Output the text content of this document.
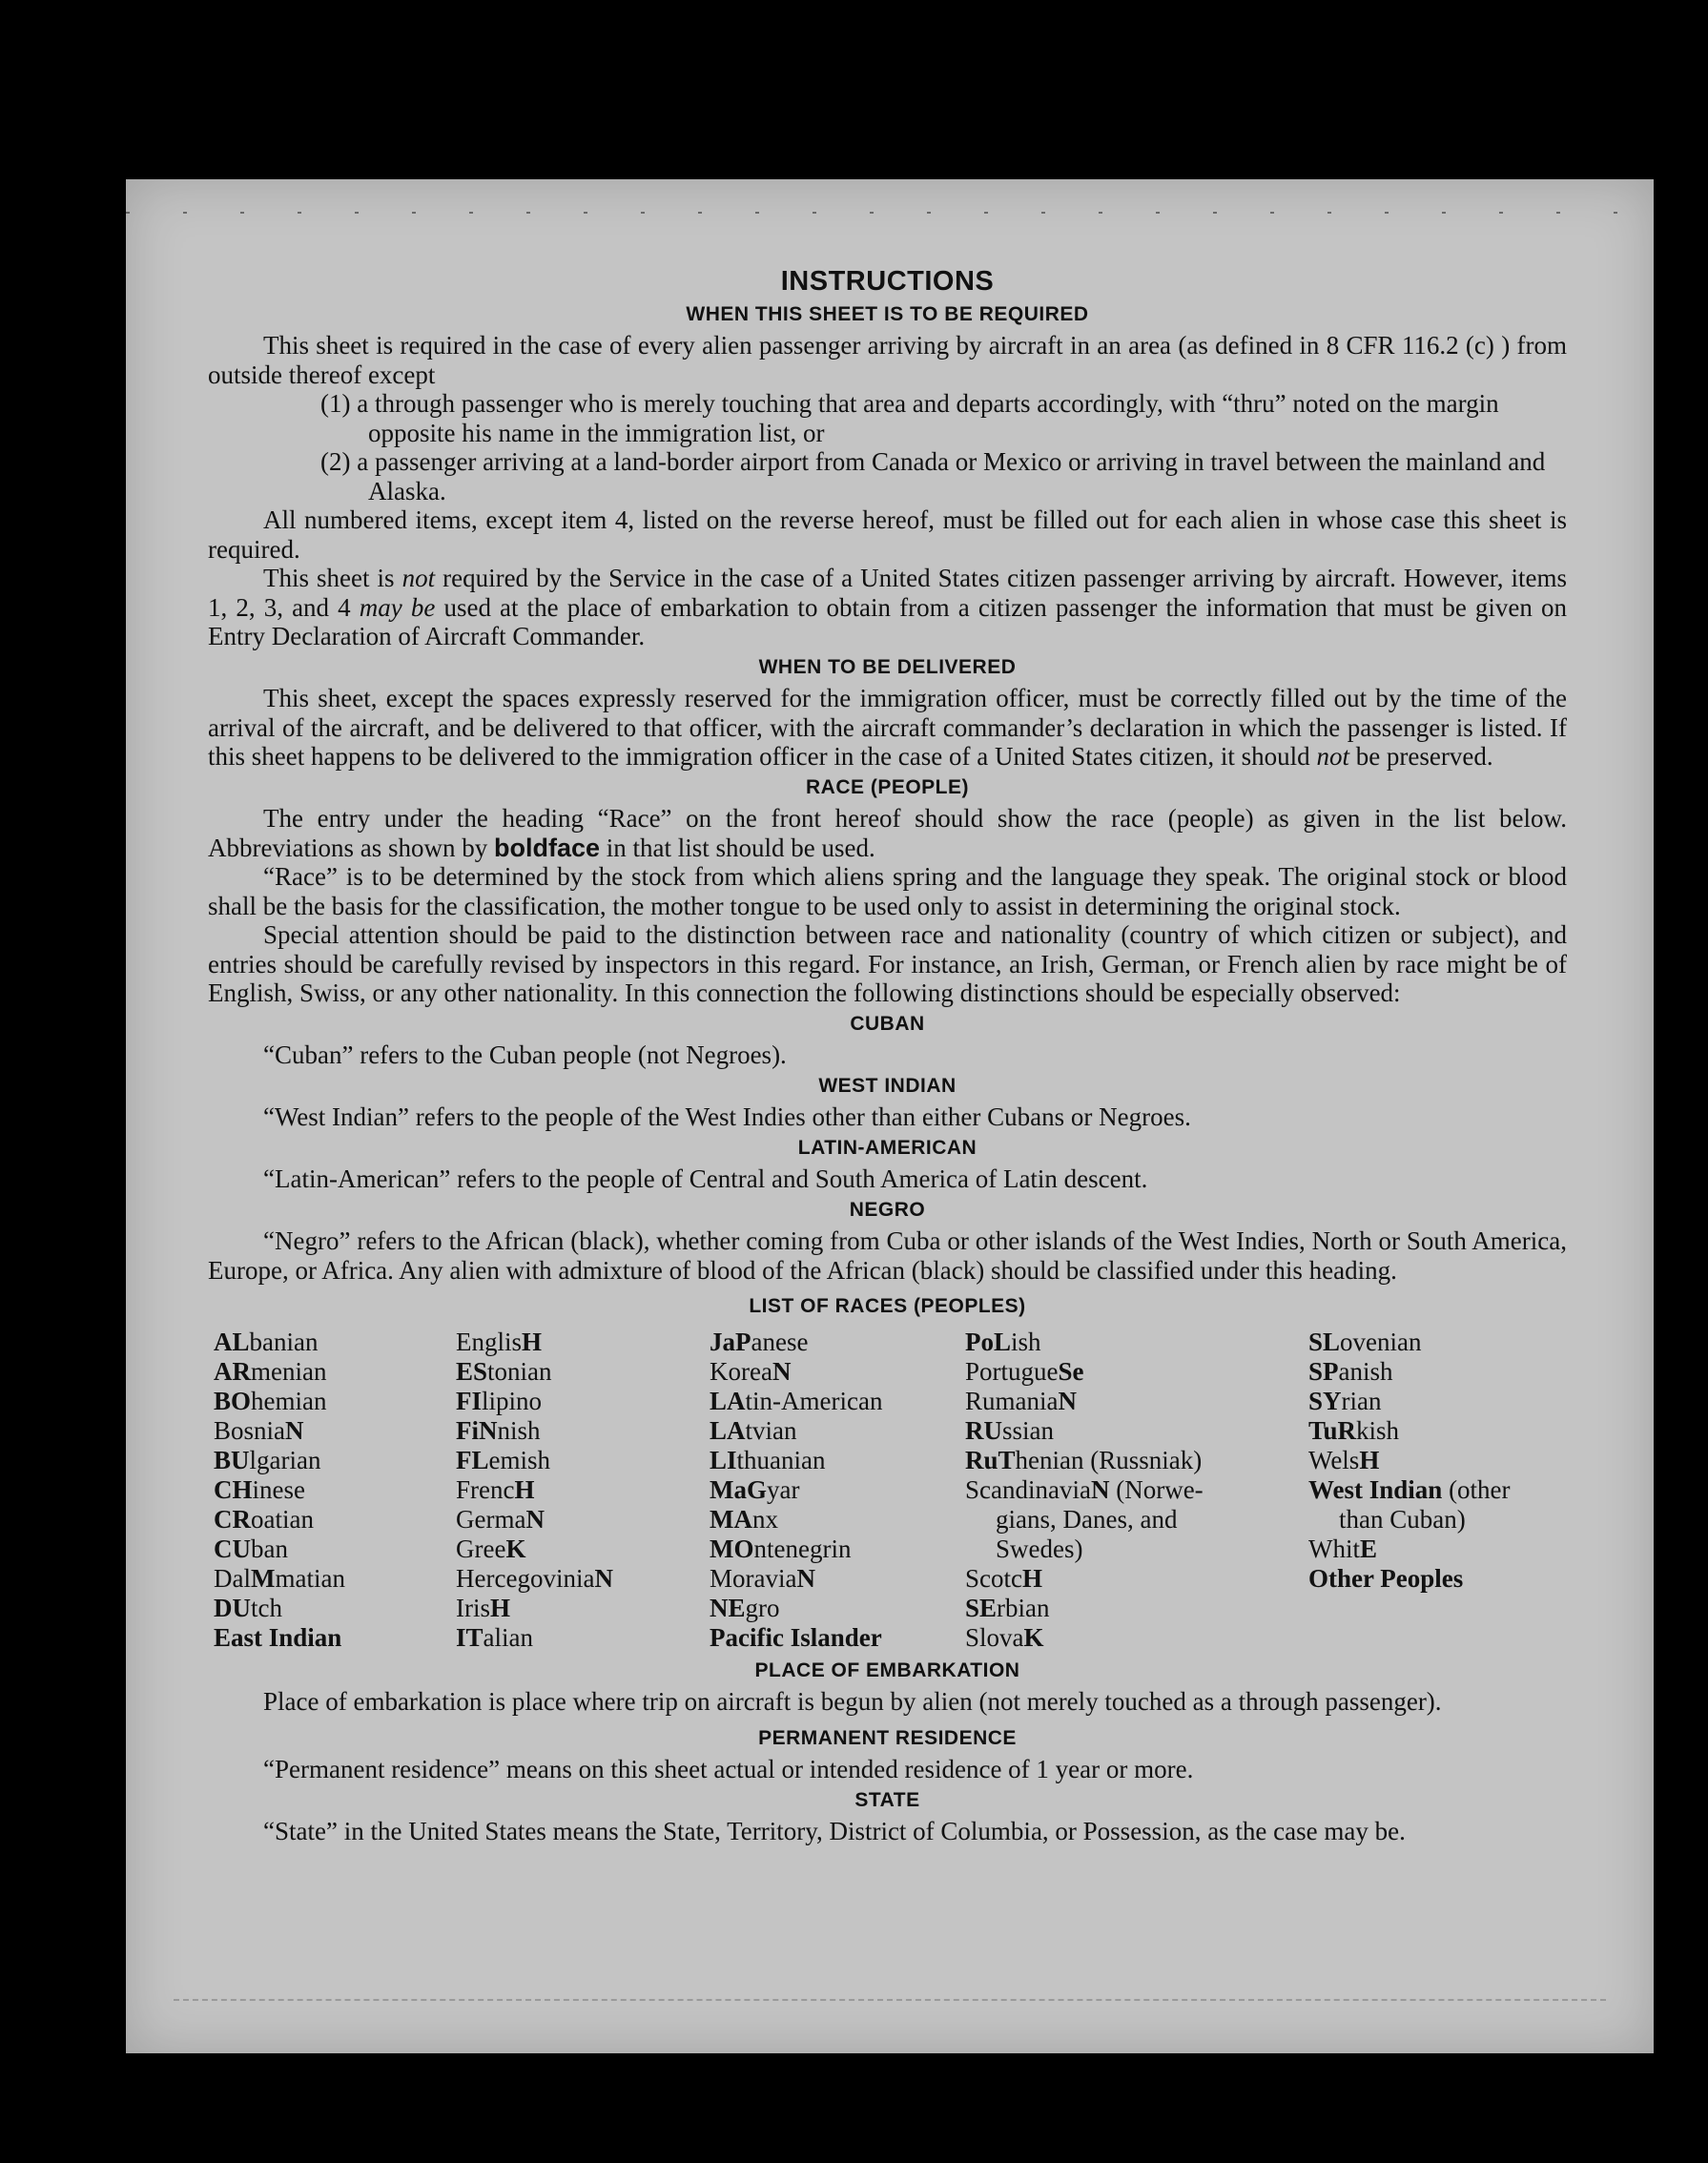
INSTRUCTIONS
WHEN THIS SHEET IS TO BE REQUIRED

This sheet is required in the case of every alien passenger arriving by aircraft in an area (as defined in 8 CFR 116.2 (c) ) from outside thereof except

(1) a through passenger who is merely touching that area and departs accordingly, with “thru” noted on the margin opposite his name in the immigration list, or

(2) a passenger arriving at a land-border airport from Canada or Mexico or arriving in travel between the mainland and Alaska.

All numbered items, except item 4, listed on the reverse hereof, must be filled out for each alien in whose case this sheet is required.

This sheet is not required by the Service in the case of a United States citizen passenger arriving by aircraft. However, items 1, 2, 3, and 4 may be used at the place of embarkation to obtain from a citizen passenger the information that must be given on Entry Declaration of Aircraft Commander.

WHEN TO BE DELIVERED

This sheet, except the spaces expressly reserved for the immigration officer, must be correctly filled out by the time of the arrival of the aircraft, and be delivered to that officer, with the aircraft commander’s declaration in which the passenger is listed. If this sheet happens to be delivered to the immigration officer in the case of a United States citizen, it should not be preserved.

RACE (PEOPLE)

The entry under the heading “Race” on the front hereof should show the race (people) as given in the list below. Abbreviations as shown by boldface in that list should be used.

“Race” is to be determined by the stock from which aliens spring and the language they speak. The original stock or blood shall be the basis for the classification, the mother tongue to be used only to assist in determining the original stock.

Special attention should be paid to the distinction between race and nationality (country of which citizen or subject), and entries should be carefully revised by inspectors in this regard. For instance, an Irish, German, or French alien by race might be of English, Swiss, or any other nationality. In this connection the following distinctions should be especially observed:

CUBAN

“Cuban” refers to the Cuban people (not Negroes).

WEST INDIAN

“West Indian” refers to the people of the West Indies other than either Cubans or Negroes.

LATIN-AMERICAN

“Latin-American” refers to the people of Central and South America of Latin descent.

NEGRO

“Negro” refers to the African (black), whether coming from Cuba or other islands of the West Indies, North or South America, Europe, or Africa. Any alien with admixture of blood of the African (black) should be classified under this heading.

LIST OF RACES (PEOPLES)
ALbanian
ARmenian
BOhemian
BosniaN
BUlgarian
CHinese
CRoatian
CUban
DalMmatian
DUtch
East Indian
EnglisH
EStonian
FIlipino
FiNnish
FLemish
FrencH
GermaN
GreeK
HercegoviniaN
IrisH
ITalian
JaPanese
KoreaN
LAtin-American
LAtvian
LIthuanian
MaGyar
MAnx
MOntenegrin
MoraviaN
NEgro
Pacific Islander
PoLish
PortugueSe
RumaniaN
RUssian
RuThenian (Russniak)
ScandinaviaN (Norwe-
gians, Danes, and
Swedes)
ScotcH
SErbian
SlovaK
SLovenian
SPanish
SYrian
TuRkish
WelsH
West Indian (other
than Cuban)
WhitE
Other Peoples
PLACE OF EMBARKATION

Place of embarkation is place where trip on aircraft is begun by alien (not merely touched as a through passenger).

PERMANENT RESIDENCE

“Permanent residence” means on this sheet actual or intended residence of 1 year or more.

STATE

“State” in the United States means the State, Territory, District of Columbia, or Possession, as the case may be.
